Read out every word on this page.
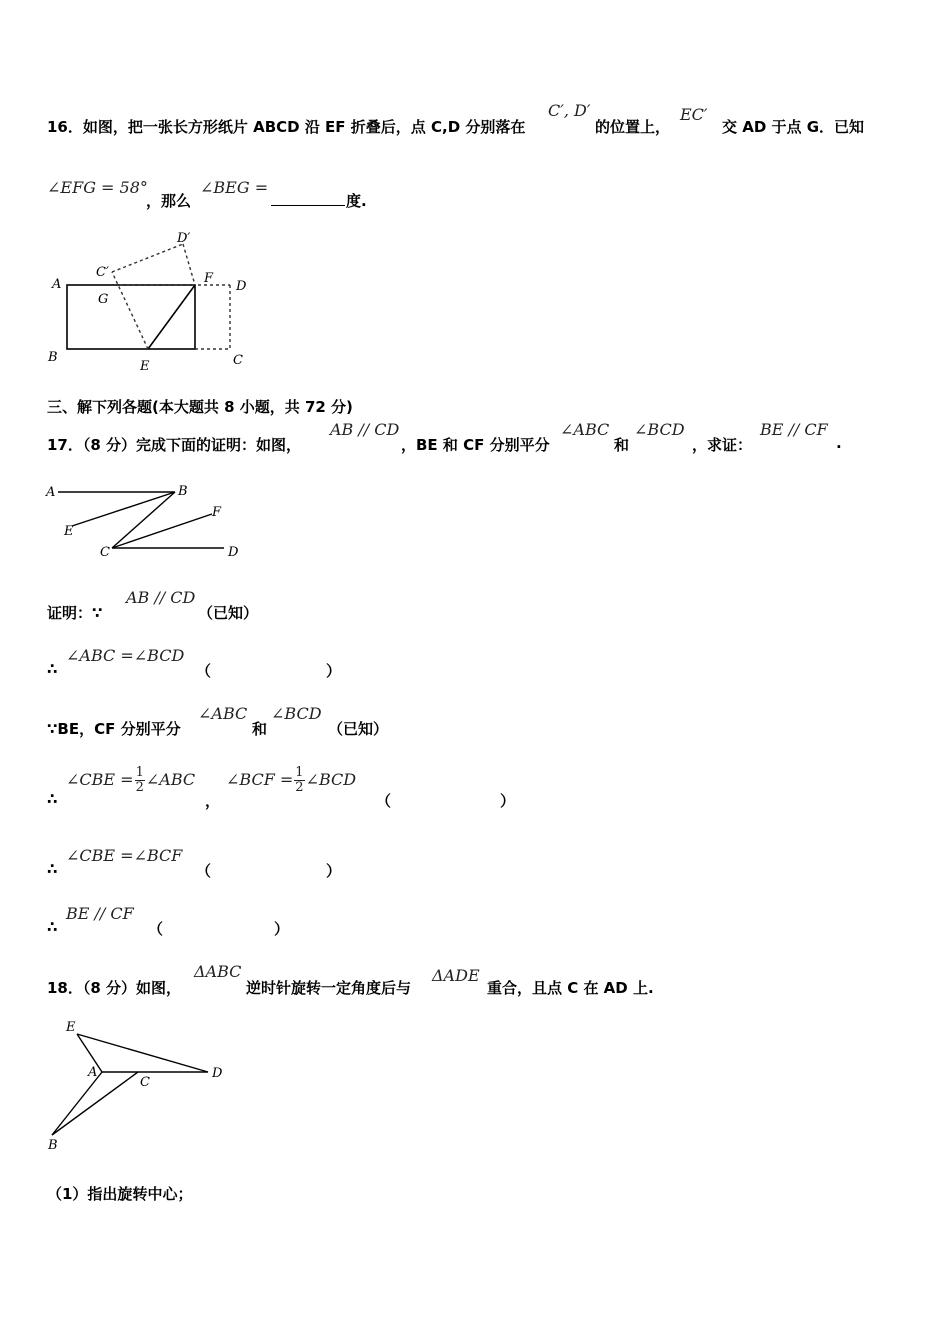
16．如图，把一张长方形纸片 ABCD 沿 EF 折叠后，点 C,D 分别落在
C′, D′
的位置上，
EC′
交 AD 于点 G．已知
∠EFG = 58°
，那么
∠BEG =
度.
A
B	C
D
E
F
G
C′
D′
三、解下列各题(本大题共 8 小题，共 72 分)
17．（8 分）完成下面的证明：如图，
AB // CD
，BE 和 CF 分别平分
∠ABC
和
∠BCD
，求证：
BE // CF
.
A	B
E
F
C	D
证明：∵
AB // CD
（已知）
∴
∠ABC =∠BCD
（	）
∵BE，CF 分别平分
∠ABC
和
∠BCD
（已知）
∴
∠CBE = $\frac{1}{2}$ ∠ABC
，
∠BCF = $\frac{1}{2}$ ∠BCD
（	）
∴
∠CBE =∠BCF
（	）
∴
BE // CF
（	）
18．（8 分）如图，
ΔABC
逆时针旋转一定角度后与
ΔADE
重合，且点 C 在 AD 上.
E
A
C
D
B
（1）指出旋转中心；
